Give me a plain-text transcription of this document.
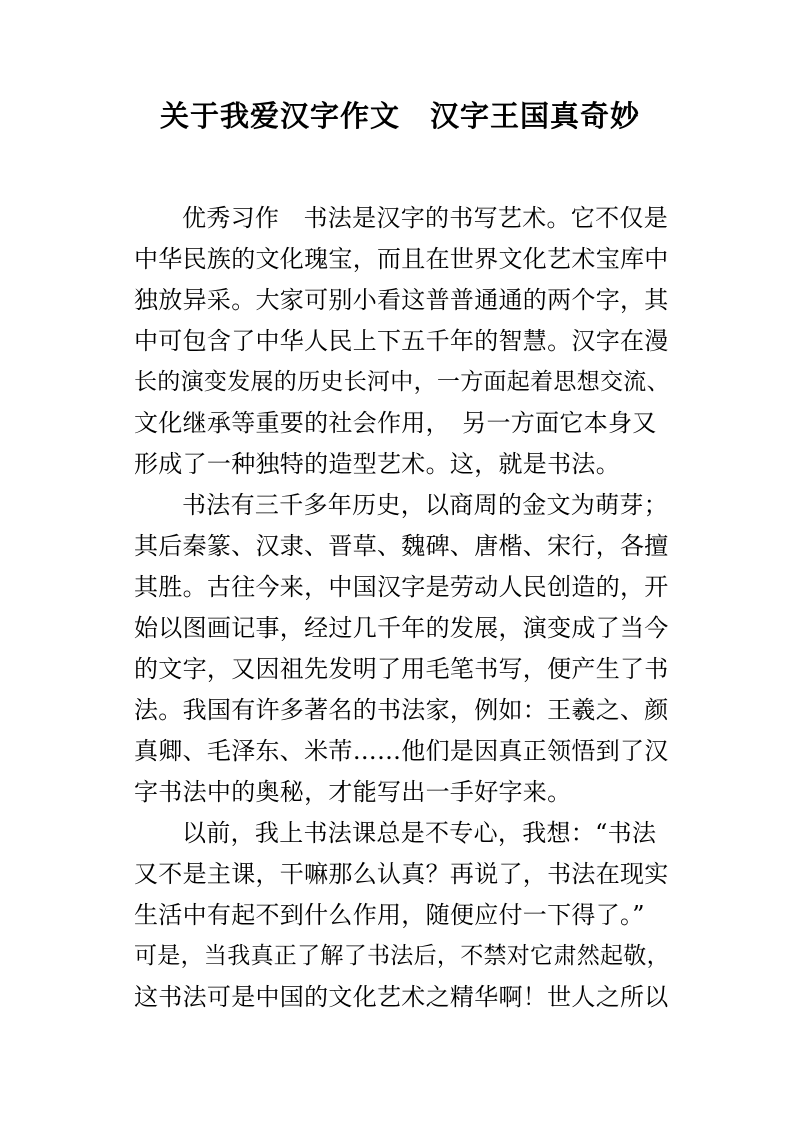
关于我爱汉字作文　汉字王国真奇妙
优秀习作　书法是汉字的书写艺术。它不仅是
中华民族的文化瑰宝，而且在世界文化艺术宝库中
独放异采。大家可别小看这普普通通的两个字，其
中可包含了中华人民上下五千年的智慧。汉字在漫
长的演变发展的历史长河中，一方面起着思想交流、
文化继承等重要的社会作用，　另一方面它本身又
形成了一种独特的造型艺术。这，就是书法。
书法有三千多年历史，以商周的金文为萌芽；
其后秦篆、汉隶、晋草、魏碑、唐楷、宋行，各擅
其胜。古往今来，中国汉字是劳动人民创造的，开
始以图画记事，经过几千年的发展，演变成了当今
的文字，又因祖先发明了用毛笔书写，便产生了书
法。我国有许多著名的书法家，例如：王羲之、颜
真卿、毛泽东、米芾……他们是因真正领悟到了汉
字书法中的奥秘，才能写出一手好字来。
以前，我上书法课总是不专心，我想：“书法
又不是主课，干嘛那么认真？再说了，书法在现实
生活中有起不到什么作用，随便应付一下得了。”
可是，当我真正了解了书法后，不禁对它肃然起敬，
这书法可是中国的文化艺术之精华啊！世人之所以
